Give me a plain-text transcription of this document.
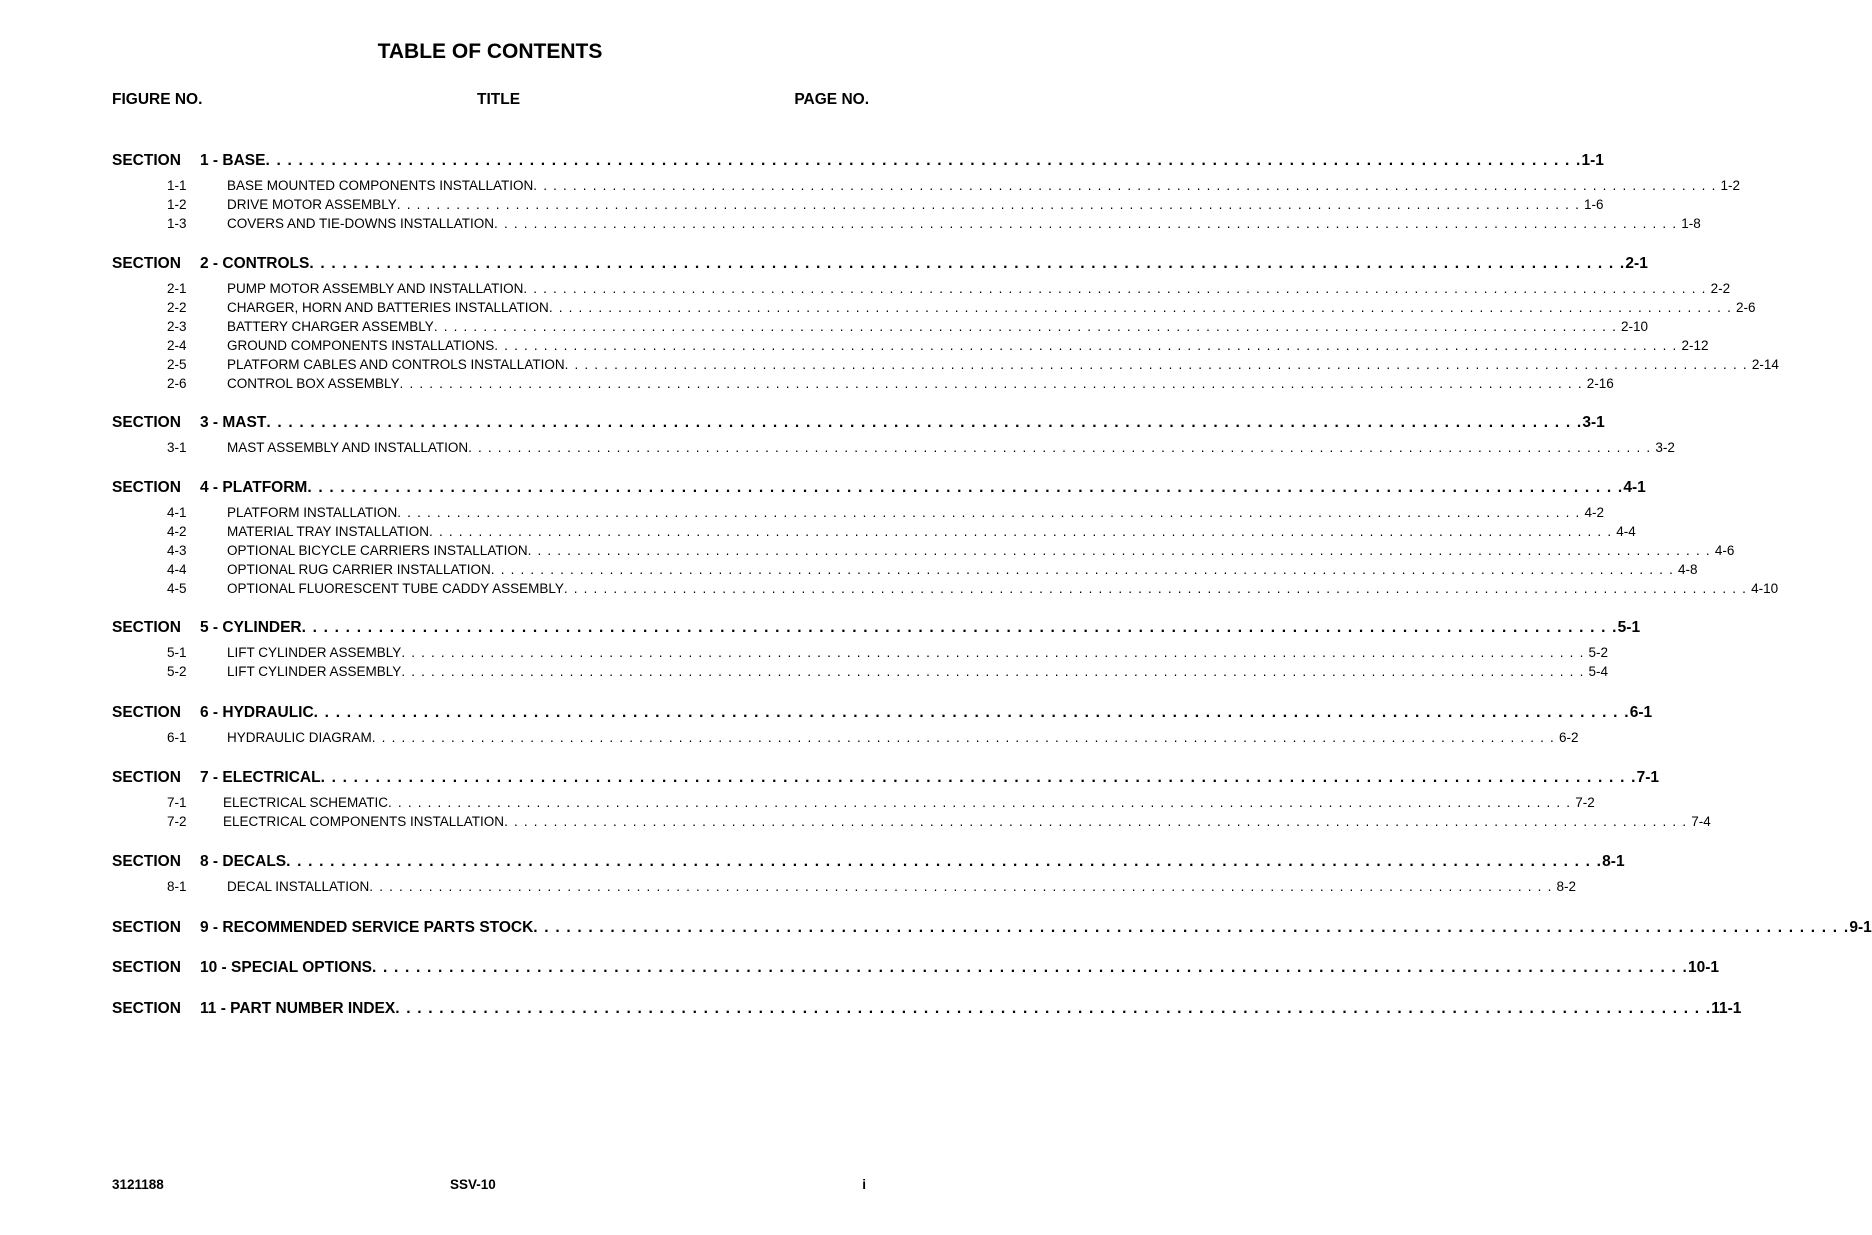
TABLE OF CONTENTS
FIGURE NO.	TITLE	PAGE NO.
SECTION	1 - BASE . . . . . . . . . . . . . . . . . . . . . . . . . . . . . . . . . . . . . . . . . . . . . . . . . . . . . . . . . . . . . . . . . . . . . . . . . . . . . . . . . . . . . . . . . . . . . . . . . . . . . . . . . . . . . . . . . . . . . . . . 1-1
1-1	BASE MOUNTED COMPONENTS INSTALLATION . . . . . . . . . . . . . . . . . . . . . . . . . . . . . . . . . . . . . . . . . . . . . . . . . . . . . . . . . . . . . . . . . . . . . . . . . . . . . . . . . . . . . . . . . . . . . . . . . . . . . . . . . . . . . . . . . . . . . . . . 1-2
1-2	DRIVE MOTOR ASSEMBLY . . . . . . . . . . . . . . . . . . . . . . . . . . . . . . . . . . . . . . . . . . . . . . . . . . . . . . . . . . . . . . . . . . . . . . . . . . . . . . . . . . . . . . . . . . . . . . . . . . . . . . . . . . . . . . . . . . . . . . . . 1-6
1-3	COVERS AND TIE-DOWNS INSTALLATION . . . . . . . . . . . . . . . . . . . . . . . . . . . . . . . . . . . . . . . . . . . . . . . . . . . . . . . . . . . . . . . . . . . . . . . . . . . . . . . . . . . . . . . . . . . . . . . . . . . . . . . . . . . . . . . . . . . . . . . . 1-8
SECTION	2 - CONTROLS . . . . . . . . . . . . . . . . . . . . . . . . . . . . . . . . . . . . . . . . . . . . . . . . . . . . . . . . . . . . . . . . . . . . . . . . . . . . . . . . . . . . . . . . . . . . . . . . . . . . . . . . . . . . . . . . . . . . . . . . 2-1
2-1	PUMP MOTOR ASSEMBLY AND INSTALLATION . . . . . . . . . . . . . . . . . . . . . . . . . . . . . . . . . . . . . . . . . . . . . . . . . . . . . . . . . . . . . . . . . . . . . . . . . . . . . . . . . . . . . . . . . . . . . . . . . . . . . . . . . . . . . . . . . . . . . . . . 2-2
2-2	CHARGER, HORN AND BATTERIES INSTALLATION . . . . . . . . . . . . . . . . . . . . . . . . . . . . . . . . . . . . . . . . . . . . . . . . . . . . . . . . . . . . . . . . . . . . . . . . . . . . . . . . . . . . . . . . . . . . . . . . . . . . . . . . . . . . . . . . . . . . . . . . 2-6
2-3	BATTERY CHARGER ASSEMBLY . . . . . . . . . . . . . . . . . . . . . . . . . . . . . . . . . . . . . . . . . . . . . . . . . . . . . . . . . . . . . . . . . . . . . . . . . . . . . . . . . . . . . . . . . . . . . . . . . . . . . . . . . . . . . . . . . . . . . . . . 2-10
2-4	GROUND COMPONENTS INSTALLATIONS . . . . . . . . . . . . . . . . . . . . . . . . . . . . . . . . . . . . . . . . . . . . . . . . . . . . . . . . . . . . . . . . . . . . . . . . . . . . . . . . . . . . . . . . . . . . . . . . . . . . . . . . . . . . . . . . . . . . . . . . 2-12
2-5	PLATFORM CABLES AND CONTROLS INSTALLATION . . . . . . . . . . . . . . . . . . . . . . . . . . . . . . . . . . . . . . . . . . . . . . . . . . . . . . . . . . . . . . . . . . . . . . . . . . . . . . . . . . . . . . . . . . . . . . . . . . . . . . . . . . . . . . . . . . . . . . . . 2-14
2-6	CONTROL BOX ASSEMBLY . . . . . . . . . . . . . . . . . . . . . . . . . . . . . . . . . . . . . . . . . . . . . . . . . . . . . . . . . . . . . . . . . . . . . . . . . . . . . . . . . . . . . . . . . . . . . . . . . . . . . . . . . . . . . . . . . . . . . . . . 2-16
SECTION	3 - MAST . . . . . . . . . . . . . . . . . . . . . . . . . . . . . . . . . . . . . . . . . . . . . . . . . . . . . . . . . . . . . . . . . . . . . . . . . . . . . . . . . . . . . . . . . . . . . . . . . . . . . . . . . . . . . . . . . . . . . . . . 3-1
3-1	MAST ASSEMBLY AND INSTALLATION . . . . . . . . . . . . . . . . . . . . . . . . . . . . . . . . . . . . . . . . . . . . . . . . . . . . . . . . . . . . . . . . . . . . . . . . . . . . . . . . . . . . . . . . . . . . . . . . . . . . . . . . . . . . . . . . . . . . . . . . 3-2
SECTION	4 - PLATFORM . . . . . . . . . . . . . . . . . . . . . . . . . . . . . . . . . . . . . . . . . . . . . . . . . . . . . . . . . . . . . . . . . . . . . . . . . . . . . . . . . . . . . . . . . . . . . . . . . . . . . . . . . . . . . . . . . . . . . . . . 4-1
4-1	PLATFORM INSTALLATION . . . . . . . . . . . . . . . . . . . . . . . . . . . . . . . . . . . . . . . . . . . . . . . . . . . . . . . . . . . . . . . . . . . . . . . . . . . . . . . . . . . . . . . . . . . . . . . . . . . . . . . . . . . . . . . . . . . . . . . . 4-2
4-2	MATERIAL TRAY INSTALLATION . . . . . . . . . . . . . . . . . . . . . . . . . . . . . . . . . . . . . . . . . . . . . . . . . . . . . . . . . . . . . . . . . . . . . . . . . . . . . . . . . . . . . . . . . . . . . . . . . . . . . . . . . . . . . . . . . . . . . . . . 4-4
4-3	OPTIONAL BICYCLE CARRIERS INSTALLATION . . . . . . . . . . . . . . . . . . . . . . . . . . . . . . . . . . . . . . . . . . . . . . . . . . . . . . . . . . . . . . . . . . . . . . . . . . . . . . . . . . . . . . . . . . . . . . . . . . . . . . . . . . . . . . . . . . . . . . . . 4-6
4-4	OPTIONAL RUG CARRIER INSTALLATION . . . . . . . . . . . . . . . . . . . . . . . . . . . . . . . . . . . . . . . . . . . . . . . . . . . . . . . . . . . . . . . . . . . . . . . . . . . . . . . . . . . . . . . . . . . . . . . . . . . . . . . . . . . . . . . . . . . . . . . . 4-8
4-5	OPTIONAL FLUORESCENT TUBE CADDY ASSEMBLY . . . . . . . . . . . . . . . . . . . . . . . . . . . . . . . . . . . . . . . . . . . . . . . . . . . . . . . . . . . . . . . . . . . . . . . . . . . . . . . . . . . . . . . . . . . . . . . . . . . . . . . . . . . . . . . . . . . . . . . . 4-10
SECTION	5 - CYLINDER . . . . . . . . . . . . . . . . . . . . . . . . . . . . . . . . . . . . . . . . . . . . . . . . . . . . . . . . . . . . . . . . . . . . . . . . . . . . . . . . . . . . . . . . . . . . . . . . . . . . . . . . . . . . . . . . . . . . . . . . 5-1
5-1	LIFT CYLINDER ASSEMBLY . . . . . . . . . . . . . . . . . . . . . . . . . . . . . . . . . . . . . . . . . . . . . . . . . . . . . . . . . . . . . . . . . . . . . . . . . . . . . . . . . . . . . . . . . . . . . . . . . . . . . . . . . . . . . . . . . . . . . . . . 5-2
5-2	LIFT CYLINDER ASSEMBLY . . . . . . . . . . . . . . . . . . . . . . . . . . . . . . . . . . . . . . . . . . . . . . . . . . . . . . . . . . . . . . . . . . . . . . . . . . . . . . . . . . . . . . . . . . . . . . . . . . . . . . . . . . . . . . . . . . . . . . . . 5-4
SECTION	6 - HYDRAULIC . . . . . . . . . . . . . . . . . . . . . . . . . . . . . . . . . . . . . . . . . . . . . . . . . . . . . . . . . . . . . . . . . . . . . . . . . . . . . . . . . . . . . . . . . . . . . . . . . . . . . . . . . . . . . . . . . . . . . . . . 6-1
6-1	HYDRAULIC DIAGRAM . . . . . . . . . . . . . . . . . . . . . . . . . . . . . . . . . . . . . . . . . . . . . . . . . . . . . . . . . . . . . . . . . . . . . . . . . . . . . . . . . . . . . . . . . . . . . . . . . . . . . . . . . . . . . . . . . . . . . . . . 6-2
SECTION	7 - ELECTRICAL . . . . . . . . . . . . . . . . . . . . . . . . . . . . . . . . . . . . . . . . . . . . . . . . . . . . . . . . . . . . . . . . . . . . . . . . . . . . . . . . . . . . . . . . . . . . . . . . . . . . . . . . . . . . . . . . . . . . . . . . 7-1
7-1	ELECTRICAL SCHEMATIC . . . . . . . . . . . . . . . . . . . . . . . . . . . . . . . . . . . . . . . . . . . . . . . . . . . . . . . . . . . . . . . . . . . . . . . . . . . . . . . . . . . . . . . . . . . . . . . . . . . . . . . . . . . . . . . . . . . . . . . . 7-2
7-2	ELECTRICAL COMPONENTS INSTALLATION . . . . . . . . . . . . . . . . . . . . . . . . . . . . . . . . . . . . . . . . . . . . . . . . . . . . . . . . . . . . . . . . . . . . . . . . . . . . . . . . . . . . . . . . . . . . . . . . . . . . . . . . . . . . . . . . . . . . . . . . 7-4
SECTION	8 - DECALS . . . . . . . . . . . . . . . . . . . . . . . . . . . . . . . . . . . . . . . . . . . . . . . . . . . . . . . . . . . . . . . . . . . . . . . . . . . . . . . . . . . . . . . . . . . . . . . . . . . . . . . . . . . . . . . . . . . . . . . . 8-1
8-1	DECAL INSTALLATION . . . . . . . . . . . . . . . . . . . . . . . . . . . . . . . . . . . . . . . . . . . . . . . . . . . . . . . . . . . . . . . . . . . . . . . . . . . . . . . . . . . . . . . . . . . . . . . . . . . . . . . . . . . . . . . . . . . . . . . . 8-2
SECTION	9 - RECOMMENDED SERVICE PARTS STOCK . . . . . . . . . . . . . . . . . . . . . . . . . . . . . . . . . . . . . . . . . . . . . . . . . . . . . . . . . . . . . . . . . . . . . . . . . . . . . . . . . . . . . . . . . . . . . . . . . . . . . . . . . . . . . . . . . . . . . . . . 9-1
SECTION	10 - SPECIAL OPTIONS . . . . . . . . . . . . . . . . . . . . . . . . . . . . . . . . . . . . . . . . . . . . . . . . . . . . . . . . . . . . . . . . . . . . . . . . . . . . . . . . . . . . . . . . . . . . . . . . . . . . . . . . . . . . . . . . . . . . . . . . 10-1
SECTION	11 - PART NUMBER INDEX . . . . . . . . . . . . . . . . . . . . . . . . . . . . . . . . . . . . . . . . . . . . . . . . . . . . . . . . . . . . . . . . . . . . . . . . . . . . . . . . . . . . . . . . . . . . . . . . . . . . . . . . . . . . . . . . . . . . . . . . 11-1
3121188	SSV-10	i
